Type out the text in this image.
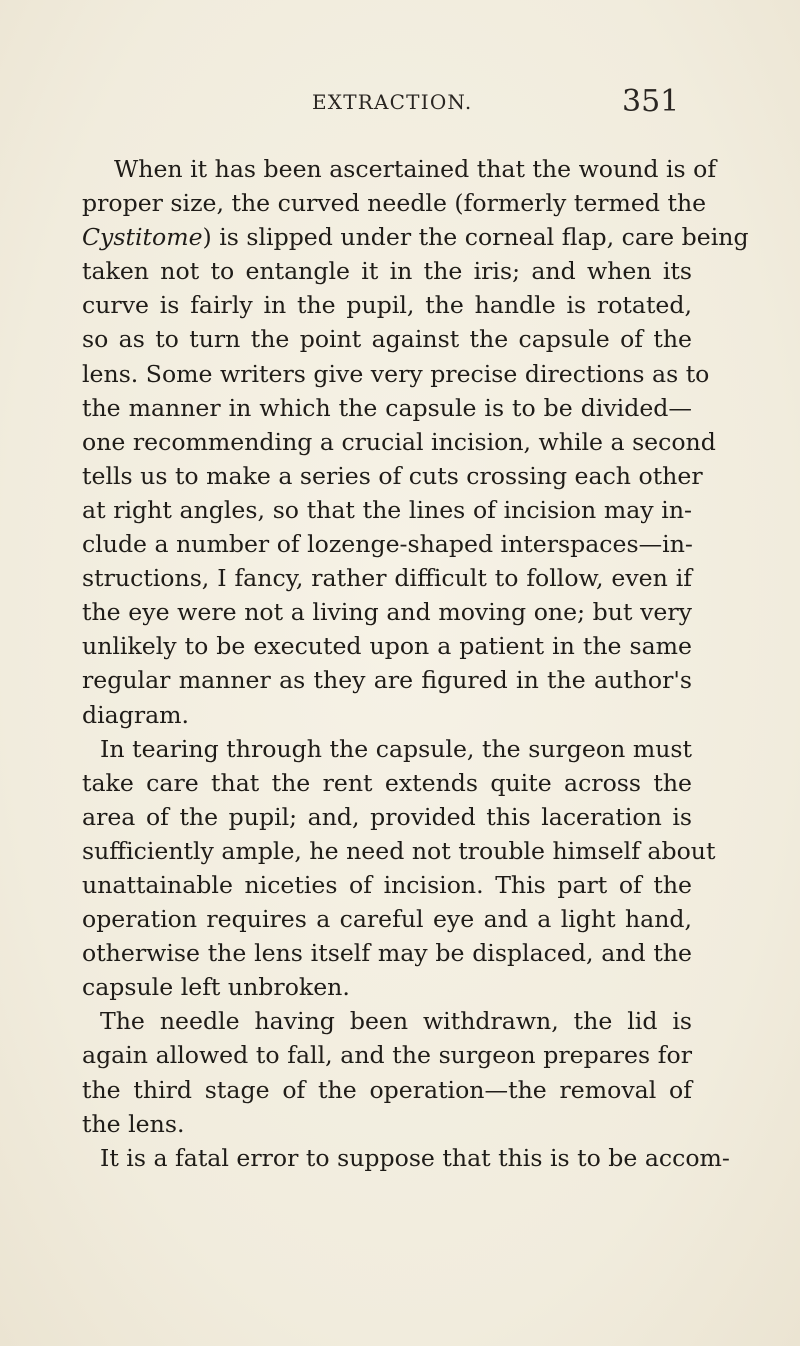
EXTRACTION.	351
When it has been ascertained that the wound is of
proper size, the curved needle (formerly termed the
Cystitome) is slipped under the corneal flap, care being
taken not to entangle it in the iris; and when its
curve is fairly in the pupil, the handle is rotated,
so as to turn the point against the capsule of the
lens. Some writers give very precise directions as to
the manner in which the capsule is to be divided—
one recommending a crucial incision, while a second
tells us to make a series of cuts crossing each other
at right angles, so that the lines of incision may in-
clude a number of lozenge-shaped interspaces—in-
structions, I fancy, rather difficult to follow, even if
the eye were not a living and moving one; but very
unlikely to be executed upon a patient in the same
regular manner as they are figured in the author's
diagram.
In tearing through the capsule, the surgeon must
take care that the rent extends quite across the
area of the pupil; and, provided this laceration is
sufficiently ample, he need not trouble himself about
unattainable niceties of incision. This part of the
operation requires a careful eye and a light hand,
otherwise the lens itself may be displaced, and the
capsule left unbroken.
The needle having been withdrawn, the lid is
again allowed to fall, and the surgeon prepares for
the third stage of the operation—the removal of
the lens.
It is a fatal error to suppose that this is to be accom-
